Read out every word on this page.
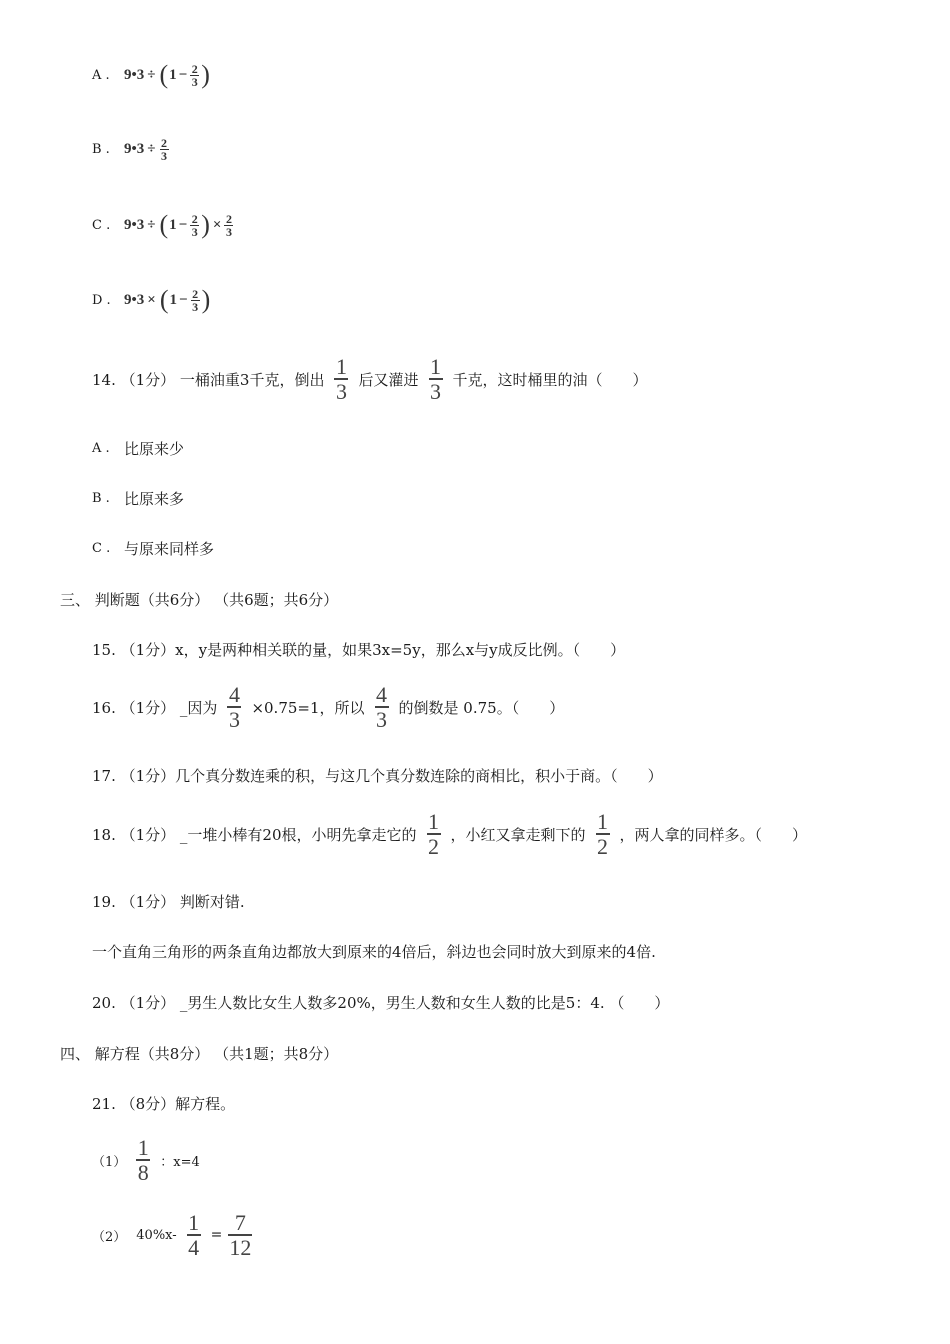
A . 9 • 3 ÷ ( 1 − 2
3 )
B . 9 • 3 ÷ 2
3
C . 9 • 3 ÷ ( 1 − 2
3 ) × 2
3
D . 9 • 3 × ( 1 − 2
3 )
14. （1分） 一桶油重3千克，倒出
1
3 后又灌进
1
3 千克，这时桶里的油（　　）
A . 比原来少
B . 比原来多
C . 与原来同样多
三、 判断题（共6分） （共6题；共6分）
15. （1分）x，y是两种相关联的量，如果3x=5y，那么x与y成反比例。（　　）
16. （1分） _因为
4
3 ×0.75=1，所以
4
3 的倒数是 0.75。（　　）
17. （1分）几个真分数连乘的积，与这几个真分数连除的商相比，积小于商。（　　）
18. （1分） _一堆小棒有20根，小明先拿走它的
1
2 ，小红又拿走剩下的
1
2 ，两人拿的同样多。（　　）
19. （1分） 判断对错.
一个直角三角形的两条直角边都放大到原来的4倍后，斜边也会同时放大到原来的4倍.
20. （1分） _男生人数比女生人数多20%，男生人数和女生人数的比是5：4. （　　）
四、 解方程（共8分） （共1题；共8分）
21. （8分）解方程。
（1）
1
8 ：x=4
（2） 40%x- 1
4 = 7
12
